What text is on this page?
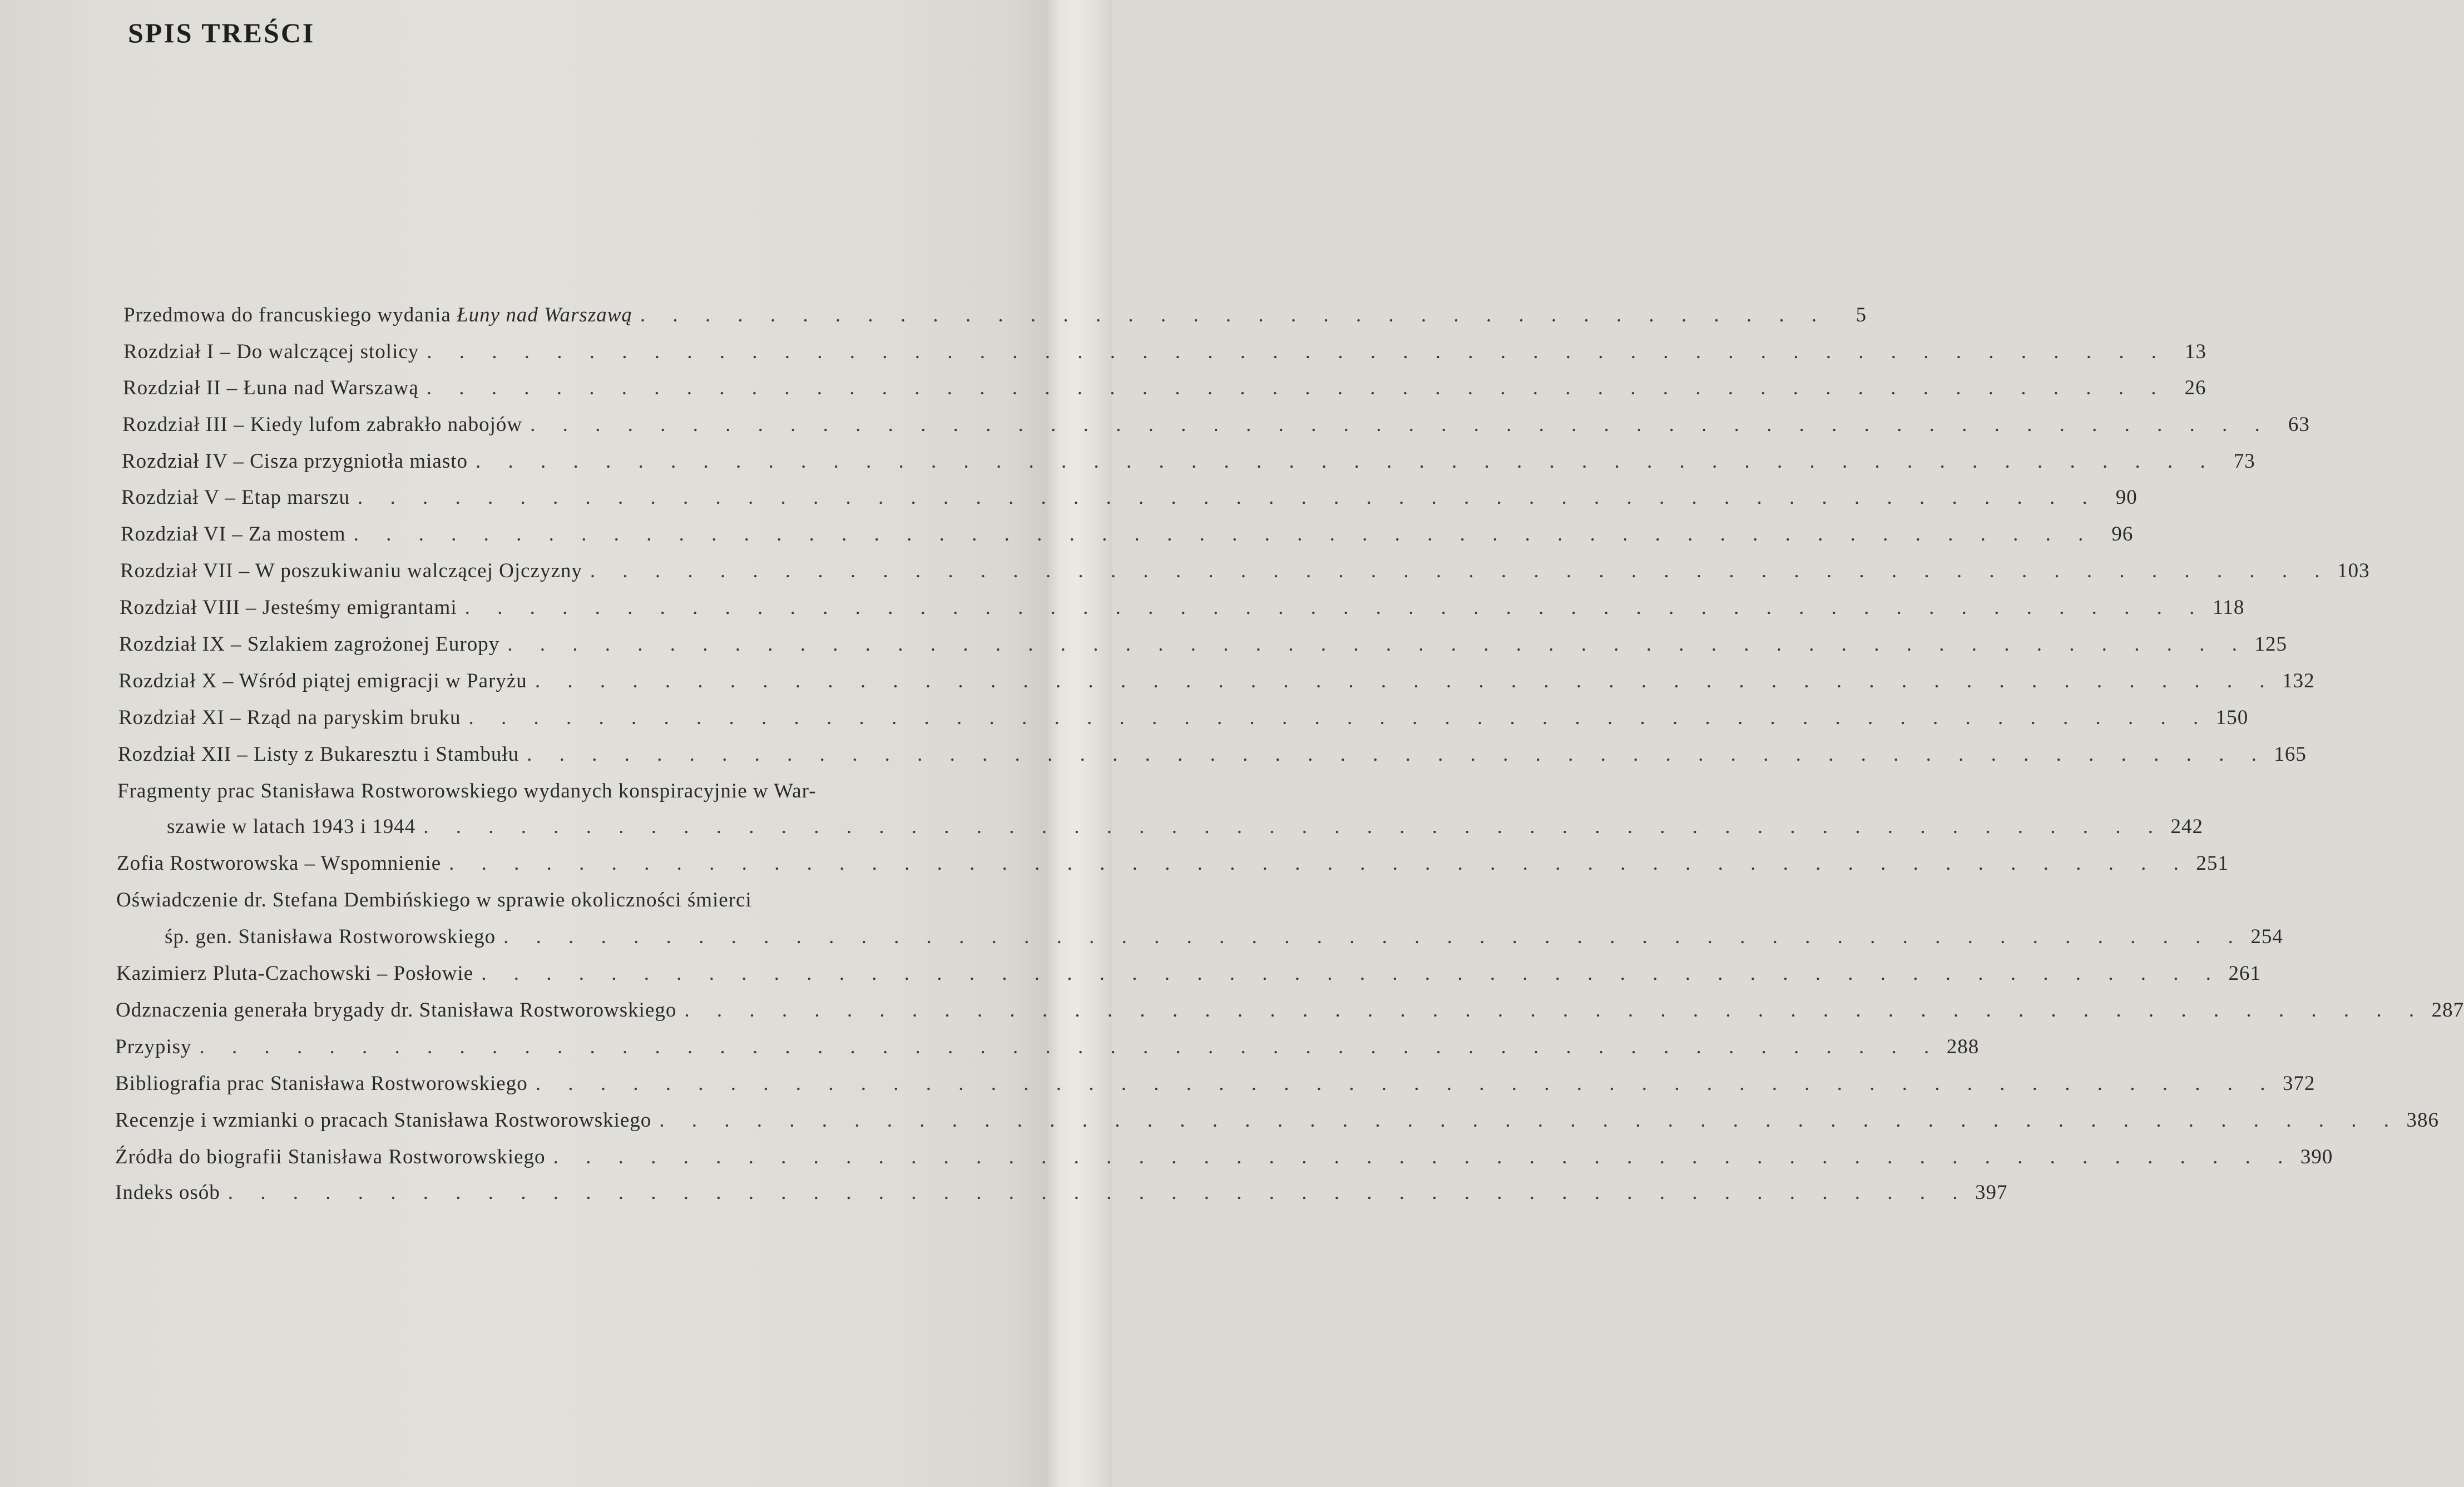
SPIS TREŚCI
Przedmowa do francuskiego wydania Łuny nad Warszawą . . . . . . . . . . . . . . . . . . . . . . . . . . . . . . . . . . . . .	5
Rozdział I – Do walczącej stolicy . . . . . . . . . . . . . . . . . . . . . . . . . . . . . . . . . . . . . . . . . . . . . . . . . . . . . . 13
Rozdział II – Łuna nad Warszawą . . . . . . . . . . . . . . . . . . . . . . . . . . . . . . . . . . . . . . . . . . . . . . . . . . . . . . 26
Rozdział III – Kiedy lufom zabrakło nabojów . . . . . . . . . . . . . . . . . . . . . . . . . . . . . . . . . . . . . . . . . . . . . . . . . . . . . . 63
Rozdział IV – Cisza przygniotła miasto . . . . . . . . . . . . . . . . . . . . . . . . . . . . . . . . . . . . . . . . . . . . . . . . . . . . . . 73
Rozdział V – Etap marszu . . . . . . . . . . . . . . . . . . . . . . . . . . . . . . . . . . . . . . . . . . . . . . . . . . . . . . 90
Rozdział VI – Za mostem . . . . . . . . . . . . . . . . . . . . . . . . . . . . . . . . . . . . . . . . . . . . . . . . . . . . . . 96
Rozdział VII – W poszukiwaniu walczącej Ojczyzny . . . . . . . . . . . . . . . . . . . . . . . . . . . . . . . . . . . . . . . . . . . . . . . . . . . . . . 103
Rozdział VIII – Jesteśmy emigrantami . . . . . . . . . . . . . . . . . . . . . . . . . . . . . . . . . . . . . . . . . . . . . . . . . . . . . . 118
Rozdział IX – Szlakiem zagrożonej Europy . . . . . . . . . . . . . . . . . . . . . . . . . . . . . . . . . . . . . . . . . . . . . . . . . . . . . . 125
Rozdział X – Wśród piątej emigracji w Paryżu . . . . . . . . . . . . . . . . . . . . . . . . . . . . . . . . . . . . . . . . . . . . . . . . . . . . . . 132
Rozdział XI – Rząd na paryskim bruku . . . . . . . . . . . . . . . . . . . . . . . . . . . . . . . . . . . . . . . . . . . . . . . . . . . . . . 150
Rozdział XII – Listy z Bukaresztu i Stambułu . . . . . . . . . . . . . . . . . . . . . . . . . . . . . . . . . . . . . . . . . . . . . . . . . . . . . . 165
Fragmenty prac Stanisława Rostworowskiego wydanych konspiracyjnie w War-
szawie w latach 1943 i 1944 . . . . . . . . . . . . . . . . . . . . . . . . . . . . . . . . . . . . . . . . . . . . . . . . . . . . . . 242
Zofia Rostworowska – Wspomnienie . . . . . . . . . . . . . . . . . . . . . . . . . . . . . . . . . . . . . . . . . . . . . . . . . . . . . . 251
Oświadczenie dr. Stefana Dembińskiego w sprawie okoliczności śmierci
śp. gen. Stanisława Rostworowskiego . . . . . . . . . . . . . . . . . . . . . . . . . . . . . . . . . . . . . . . . . . . . . . . . . . . . . . 254
Kazimierz Pluta-Czachowski – Posłowie . . . . . . . . . . . . . . . . . . . . . . . . . . . . . . . . . . . . . . . . . . . . . . . . . . . . . . 261
Odznaczenia generała brygady dr. Stanisława Rostworowskiego . . . . . . . . . . . . . . . . . . . . . . . . . . . . . . . . . . . . . . . . . . . . . . . . . . . . . . 287
Przypisy . . . . . . . . . . . . . . . . . . . . . . . . . . . . . . . . . . . . . . . . . . . . . . . . . . . . . . 288
Bibliografia prac Stanisława Rostworowskiego . . . . . . . . . . . . . . . . . . . . . . . . . . . . . . . . . . . . . . . . . . . . . . . . . . . . . . 372
Recenzje i wzmianki o pracach Stanisława Rostworowskiego . . . . . . . . . . . . . . . . . . . . . . . . . . . . . . . . . . . . . . . . . . . . . . . . . . . . . . 386
Źródła do biografii Stanisława Rostworowskiego . . . . . . . . . . . . . . . . . . . . . . . . . . . . . . . . . . . . . . . . . . . . . . . . . . . . . . 390
Indeks osób . . . . . . . . . . . . . . . . . . . . . . . . . . . . . . . . . . . . . . . . . . . . . . . . . . . . . . 397
